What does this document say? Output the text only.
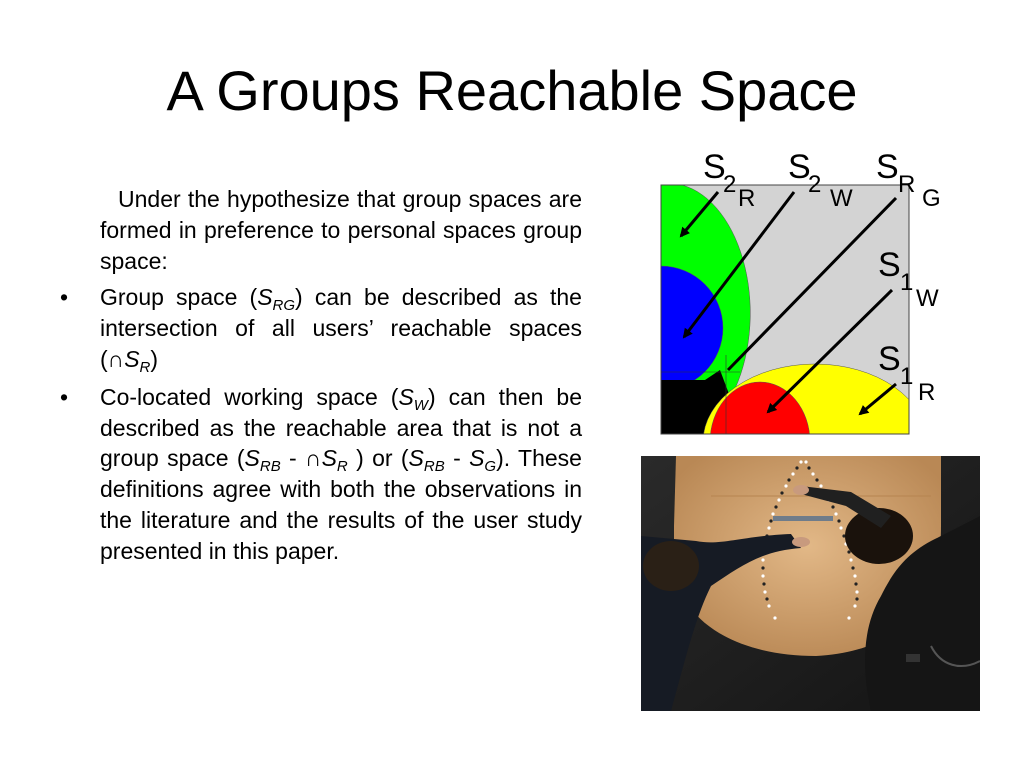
A Groups Reachable Space

Under the hypothesize that group spaces are formed in preference to personal spaces group space:

• Group space $(S_{RG})$ can be described as the intersection of all users’ reachable spaces $(\cap S_R)$
• Co-located working space $(S_W)$ can then be described as the reachable area that is not a group space ($S_{RB}$ - $\cap S_R$ ) or $(S_{RB} - S_G)$. These definitions agree with both the observations in the literature and the results of the user study presented in this paper.
S
2
R
S
2
W
S R
G
S 1
W
S 1
R
